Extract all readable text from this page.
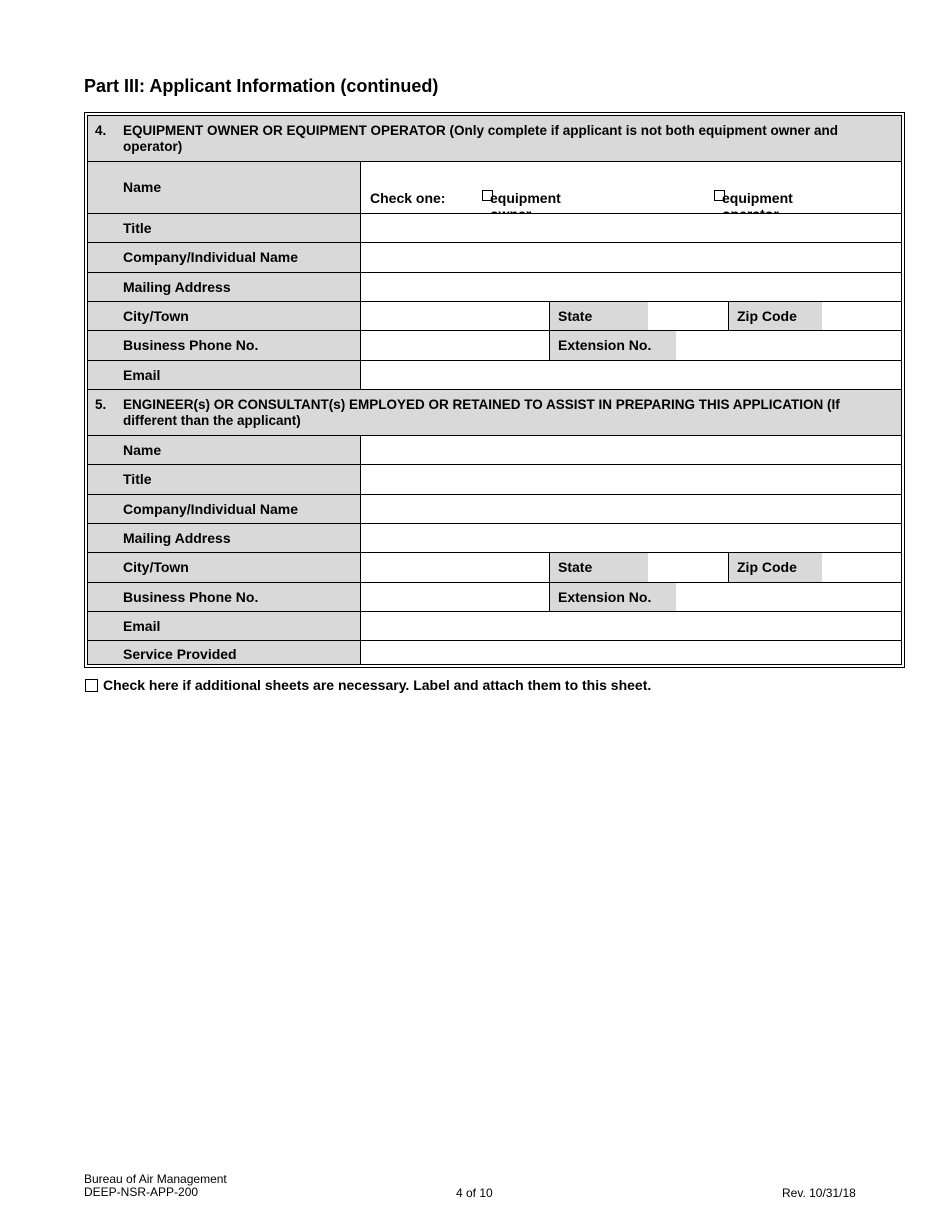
Part III: Applicant Information (continued)
4. EQUIPMENT OWNER OR EQUIPMENT OPERATOR (Only complete if applicant is not both equipment owner and operator)
Name
Check one:	equipment	equipment
Title
Company/Individual Name
Mailing Address
City/Town	State	Zip Code
Business Phone No.	Extension No.
Email
5. ENGINEER(s) OR CONSULTANT(s) EMPLOYED OR RETAINED TO ASSIST IN PREPARING THIS APPLICATION (If different than the applicant)
Name
Title
Company/Individual Name
Mailing Address
City/Town	State	Zip Code
Business Phone No.	Extension No.
Email
Service Provided
Check here if additional sheets are necessary. Label and attach them to this sheet.
Bureau of Air Management
DEEP-NSR-APP-200	4 of 10	Rev. 10/31/18
